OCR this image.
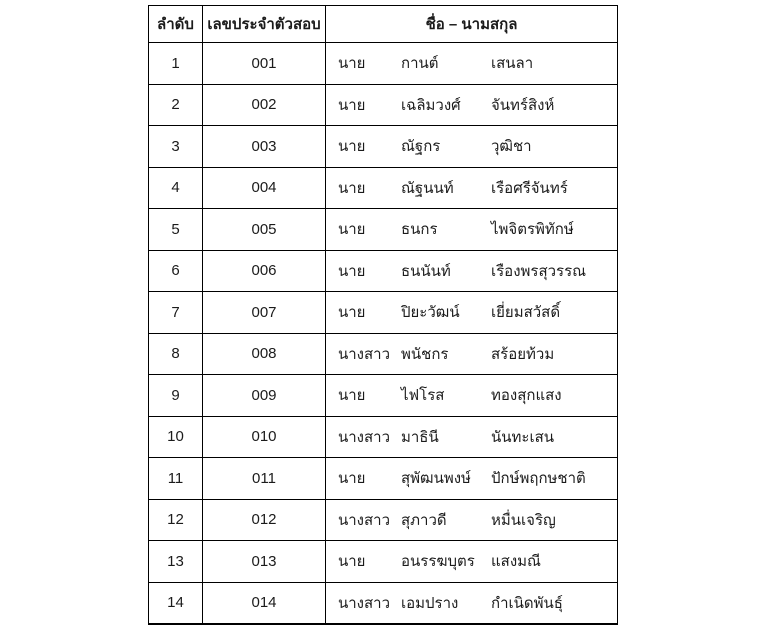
ลำดับ	เลขประจำตัวสอบ	ชื่อ – นามสกุล
1	001	นาย กานต์ เสนลา

2	002	นาย เฉลิมวงศ์ จันทร์สิงห์

3	003	นาย ณัฐกร วุฒิชา

4	004	นาย ณัฐนนท์ เรือศรีจันทร์

5	005	นาย ธนกร ไพจิตรพิทักษ์

6	006	นาย ธนนันท์ เรืองพรสุวรรณ

7	007	นาย ปิยะวัฒน์ เยี่ยมสวัสดิ์

8	008	นางสาว พนัชกร สร้อยท้วม

9	009	นาย ไฟโรส ทองสุกแสง

10	010	นางสาว มาธินี นันทะเสน

11	011	นาย สุพัฒนพงษ์ ปักษ์พฤกษชาติ

12	012	นางสาว สุภาวดี หมื่นเจริญ

13	013	นาย อนรรฆบุตร แสงมณี

14	014	นางสาว เอมปราง กำเนิดพันธุ์
